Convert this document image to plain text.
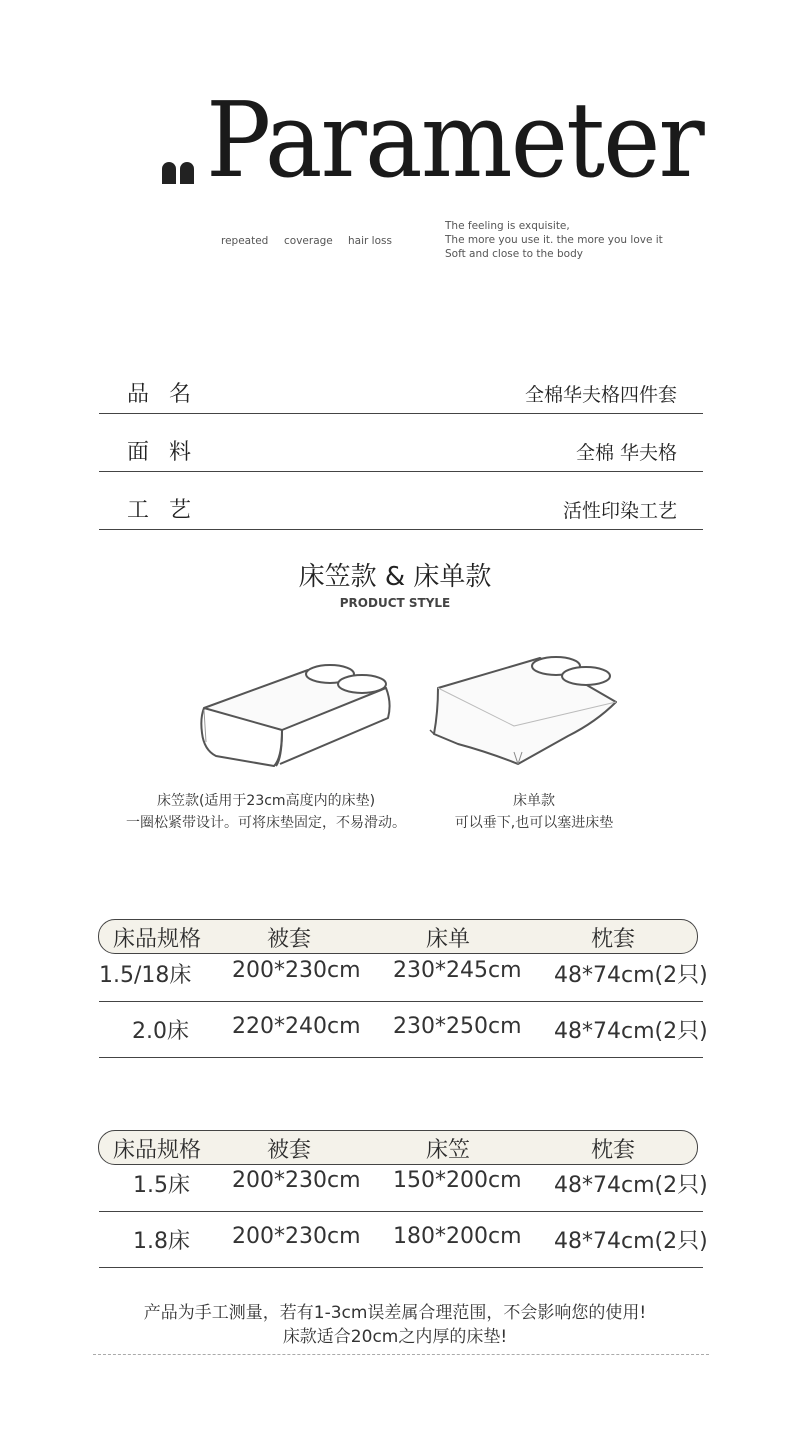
Parameter
repeated coverage hair loss
The feeling is exquisite,
The more you use it. the more you love it
Soft and close to the body
品名	全棉华夫格四件套
面料	全棉 华夫格
工艺	活性印染工艺
床笠款 & 床单款
PRODUCT STYLE
床笠款(适用于23cm高度内的床垫)
一圈松紧带设计。可将床垫固定，不易滑动。
床单款
可以垂下,也可以塞进床垫
床品规格	被套	床单	枕套
1.5/18床 200*230cm 230*245cm 48*74cm(2只)
2.0床 220*240cm 230*250cm 48*74cm(2只)
床品规格	被套	床笠	枕套
1.5床 200*230cm 150*200cm 48*74cm(2只)
1.8床 200*230cm 180*200cm 48*74cm(2只)
产品为手工测量，若有1-3cm误差属合理范围，不会影响您的使用!
床款适合20cm之内厚的床垫!
